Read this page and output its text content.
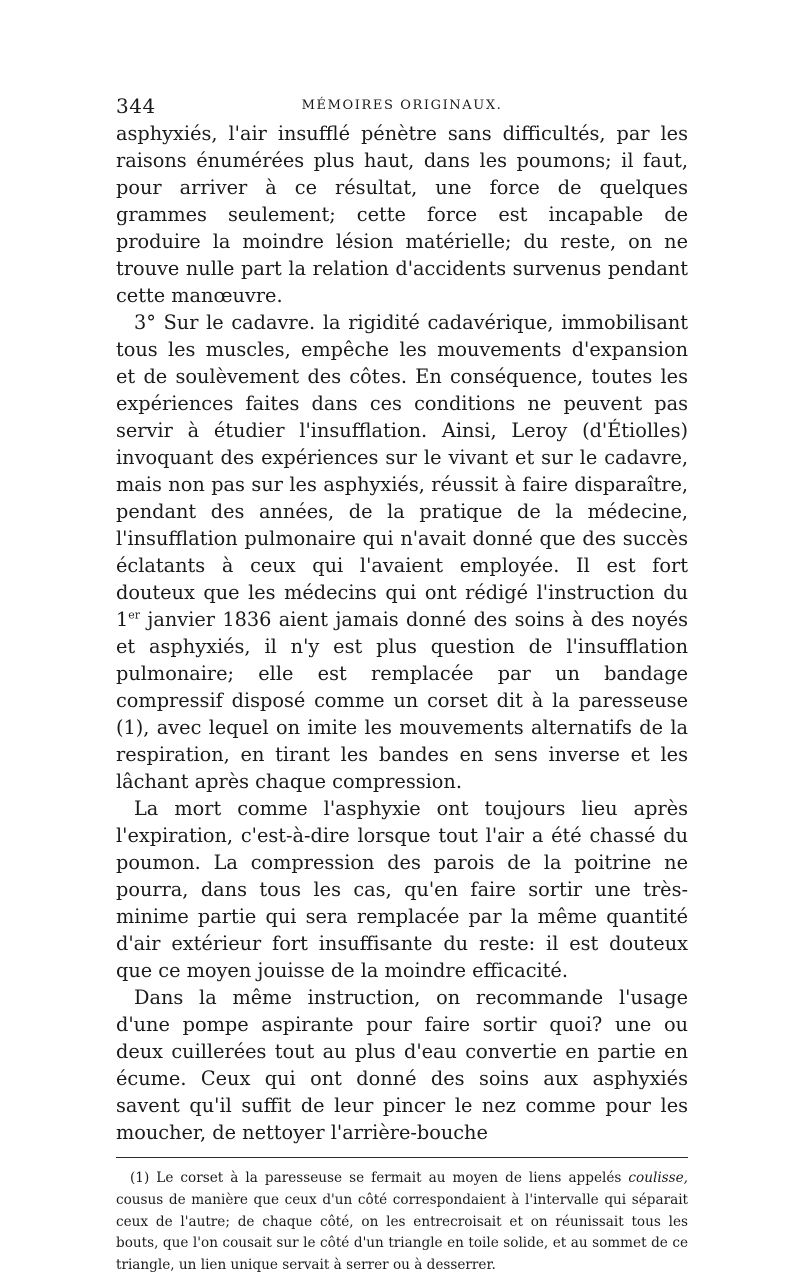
344	MÉMOIRES ORIGINAUX.

asphyxiés, l'air insufflé pénètre sans difficultés, par les raisons énumérées plus haut, dans les poumons; il faut, pour arriver à ce résultat, une force de quelques grammes seulement; cette force est incapable de produire la moindre lésion matérielle; du reste, on ne trouve nulle part la relation d'accidents survenus pendant cette manœuvre.

3° Sur le cadavre. la rigidité cadavérique, immobilisant tous les muscles, empêche les mouvements d'expansion et de soulèvement des côtes. En conséquence, toutes les expériences faites dans ces conditions ne peuvent pas servir à étudier l'insufflation. Ainsi, Leroy (d'Étiolles) invoquant des expériences sur le vivant et sur le cadavre, mais non pas sur les asphyxiés, réussit à faire disparaître, pendant des années, de la pratique de la médecine, l'insufflation pulmonaire qui n'avait donné que des succès éclatants à ceux qui l'avaient employée. Il est fort douteux que les médecins qui ont rédigé l'instruction du 1er janvier 1836 aient jamais donné des soins à des noyés et asphyxiés, il n'y est plus question de l'insufflation pulmonaire; elle est remplacée par un bandage compressif disposé comme un corset dit à la paresseuse (1), avec lequel on imite les mouvements alternatifs de la respiration, en tirant les bandes en sens inverse et les lâchant après chaque compression.

La mort comme l'asphyxie ont toujours lieu après l'expiration, c'est-à-dire lorsque tout l'air a été chassé du poumon. La compression des parois de la poitrine ne pourra, dans tous les cas, qu'en faire sortir une très-minime partie qui sera remplacée par la même quantité d'air extérieur fort insuffisante du reste: il est douteux que ce moyen jouisse de la moindre efficacité.

Dans la même instruction, on recommande l'usage d'une pompe aspirante pour faire sortir quoi? une ou deux cuillerées tout au plus d'eau convertie en partie en écume. Ceux qui ont donné des soins aux asphyxiés savent qu'il suffit de leur pincer le nez comme pour les moucher, de nettoyer l'arrière-bouche

(1) Le corset à la paresseuse se fermait au moyen de liens appelés coulisse, cousus de manière que ceux d'un côté correspondaient à l'intervalle qui séparait ceux de l'autre; de chaque côté, on les entrecroisait et on réunissait tous les bouts, que l'on cousait sur le côté d'un triangle en toile solide, et au sommet de ce triangle, un lien unique servait à serrer ou à desserrer.
